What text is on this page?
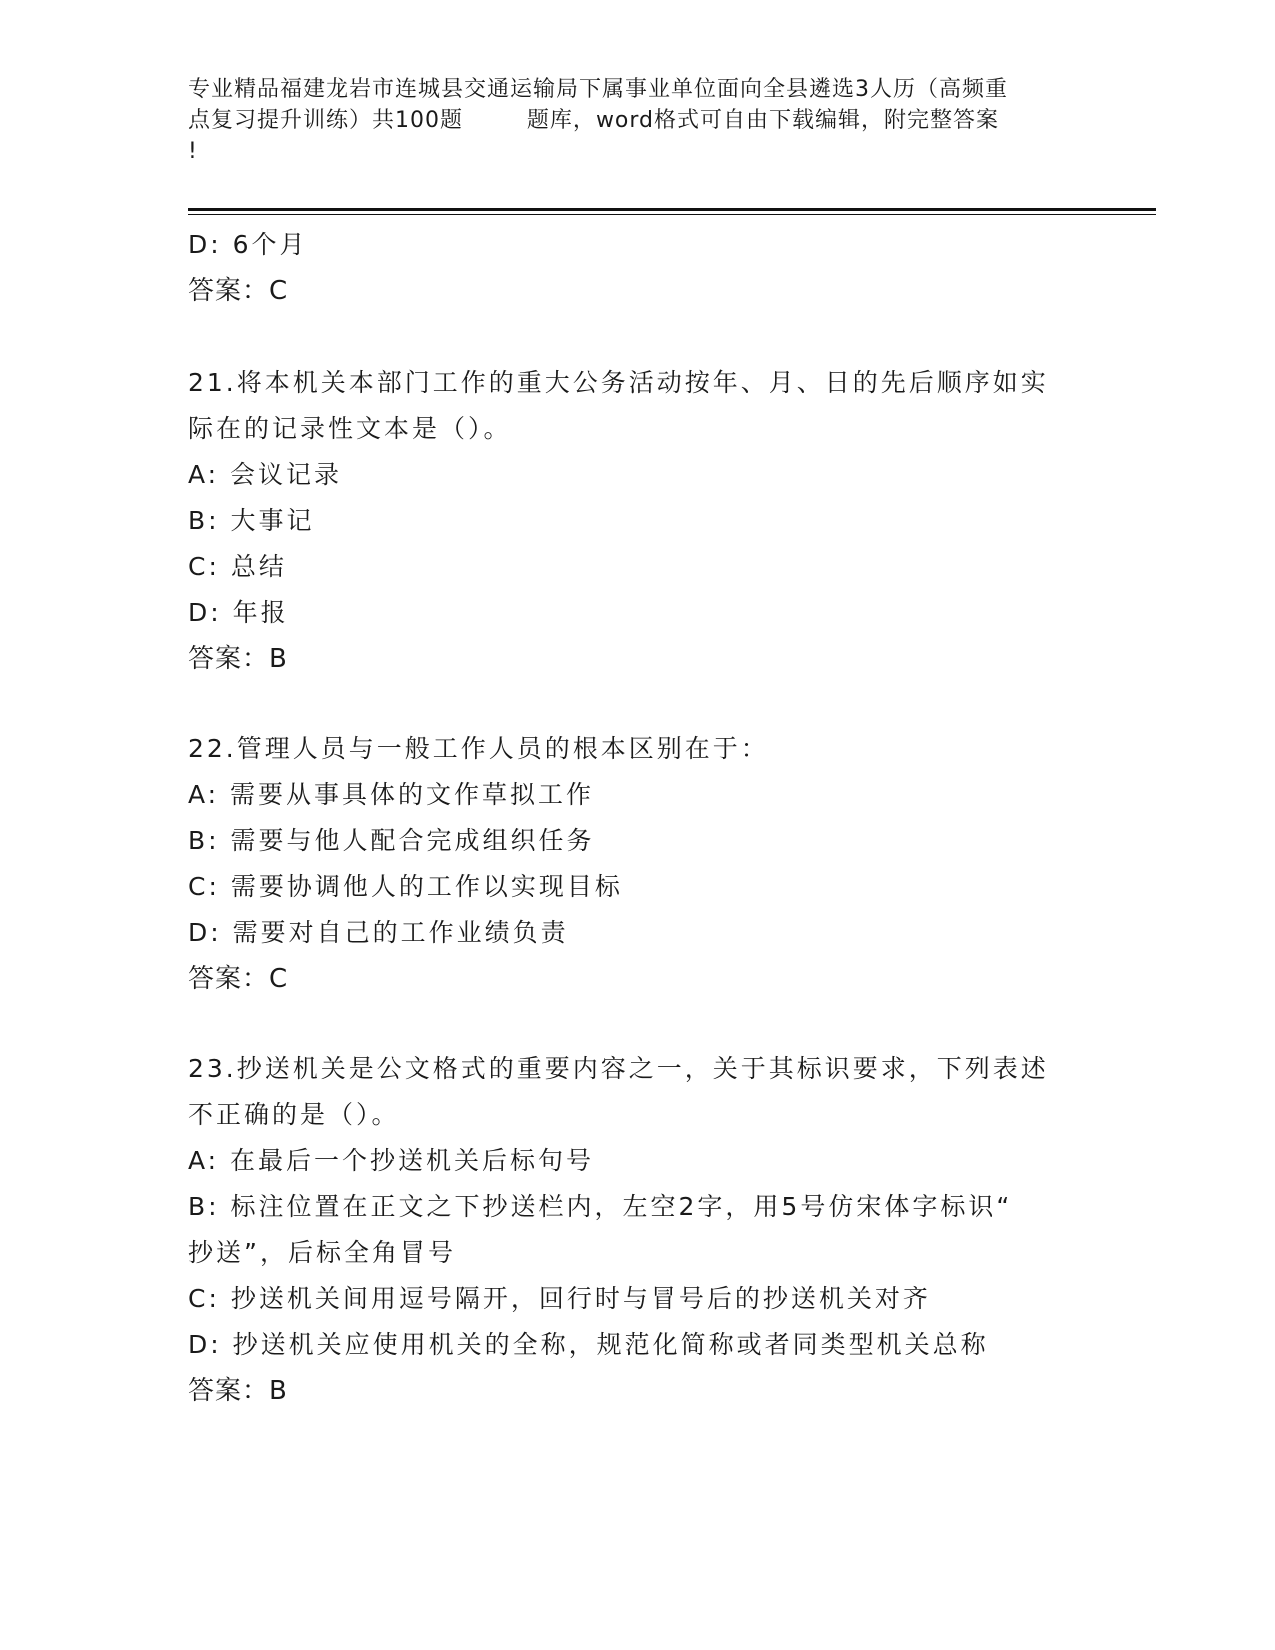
专业精品福建龙岩市连城县交通运输局下属事业单位面向全县遴选3人历（高频重
点复习提升训练）共100题        题库，word格式可自由下载编辑，附完整答案
!
D: 6个月
答案：C
21.将本机关本部门工作的重大公务活动按年、月、日的先后顺序如实
际在的记录性文本是（）。
A: 会议记录
B: 大事记
C: 总结
D: 年报
答案：B
22.管理人员与一般工作人员的根本区别在于：
A: 需要从事具体的文作草拟工作
B: 需要与他人配合完成组织任务
C: 需要协调他人的工作以实现目标
D: 需要对自己的工作业绩负责
答案：C
23.抄送机关是公文格式的重要内容之一，关于其标识要求，下列表述
不正确的是（）。
A: 在最后一个抄送机关后标句号
B: 标注位置在正文之下抄送栏内，左空2字，用5号仿宋体字标识“
抄送”，后标全角冒号
C: 抄送机关间用逗号隔开，回行时与冒号后的抄送机关对齐
D: 抄送机关应使用机关的全称，规范化简称或者同类型机关总称
答案：B
